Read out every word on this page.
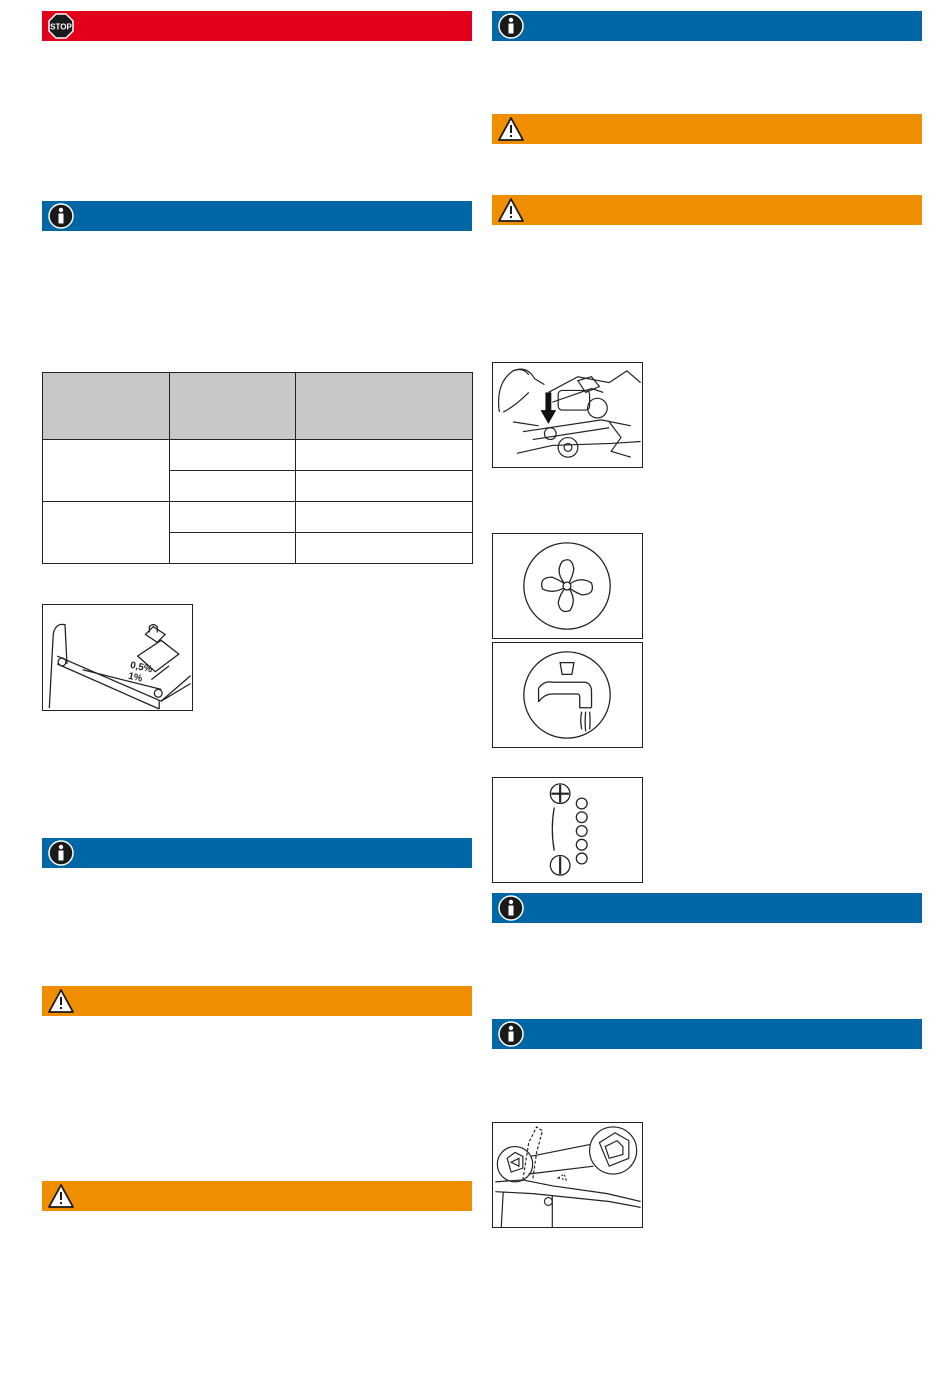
STOP

0,5%
1%
